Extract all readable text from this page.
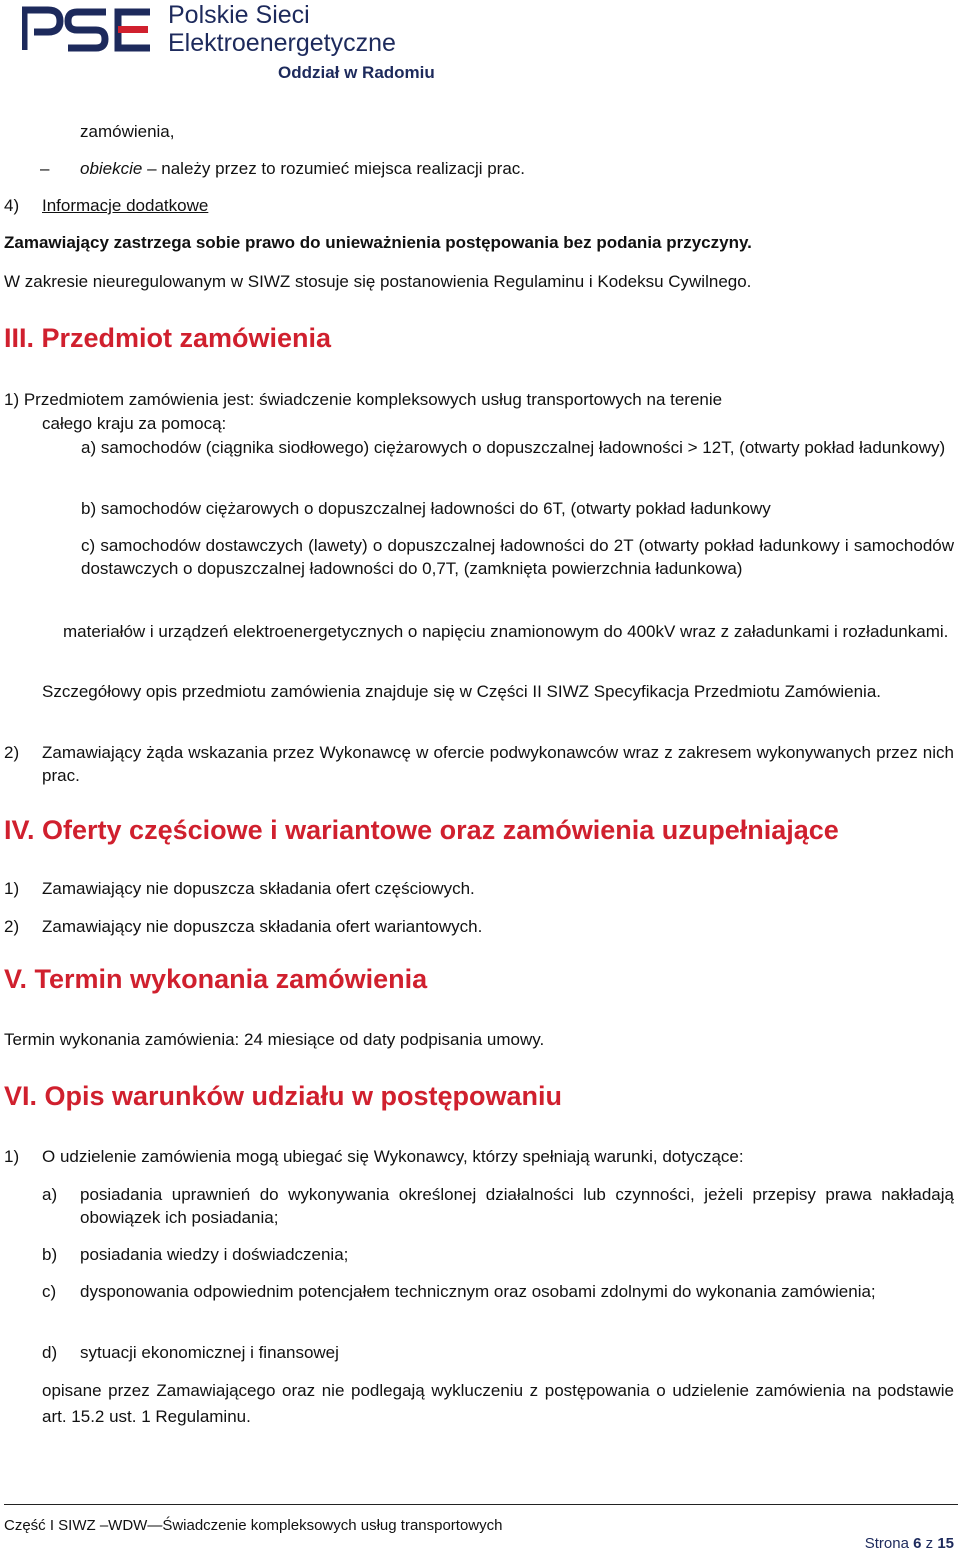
Polskie Sieci
Elektroenergetyczne
Oddział w Radomiu
zamówienia,
– obiekcie – należy przez to rozumieć miejsca realizacji prac.
4) Informacje dodatkowe
Zamawiający zastrzega sobie prawo do unieważnienia postępowania bez podania przyczyny.
W zakresie nieuregulowanym w SIWZ stosuje się postanowienia Regulaminu i Kodeksu Cywilnego.
III. Przedmiot zamówienia
1) Przedmiotem zamówienia jest: świadczenie kompleksowych usług transportowych na terenie
całego kraju za pomocą:
a) samochodów (ciągnika siodłowego) ciężarowych o dopuszczalnej ładowności > 12T, (otwarty pokład ładunkowy)
b) samochodów ciężarowych o dopuszczalnej ładowności do 6T, (otwarty pokład ładunkowy
c) samochodów dostawczych (lawety) o dopuszczalnej ładowności do 2T (otwarty pokład ładunkowy i samochodów dostawczych o dopuszczalnej ładowności do 0,7T, (zamknięta powierzchnia ładunkowa)
materiałów i urządzeń elektroenergetycznych o napięciu znamionowym do 400kV wraz z załadunkami i rozładunkami.
Szczegółowy opis przedmiotu zamówienia znajduje się w Części II SIWZ Specyfikacja Przedmiotu Zamówienia.
2) Zamawiający żąda wskazania przez Wykonawcę w ofercie podwykonawców wraz z zakresem wykonywanych przez nich prac.
IV. Oferty częściowe i wariantowe oraz zamówienia uzupełniające
1) Zamawiający nie dopuszcza składania ofert częściowych.
2) Zamawiający nie dopuszcza składania ofert wariantowych.
V. Termin wykonania zamówienia
Termin wykonania zamówienia: 24 miesiące od daty podpisania umowy.
VI. Opis warunków udziału w postępowaniu
1) O udzielenie zamówienia mogą ubiegać się Wykonawcy, którzy spełniają warunki, dotyczące:
a) posiadania uprawnień do wykonywania określonej działalności lub czynności, jeżeli przepisy prawa nakładają obowiązek ich posiadania;
b) posiadania wiedzy i doświadczenia;
c) dysponowania odpowiednim potencjałem technicznym oraz osobami zdolnymi do wykonania zamówienia;
d) sytuacji ekonomicznej i finansowej
opisane przez Zamawiającego oraz nie podlegają wykluczeniu z postępowania o udzielenie zamówienia na podstawie art. 15.2 ust. 1 Regulaminu.
Część I SIWZ –WDW—Świadczenie kompleksowych usług transportowych
Strona 6 z 15
